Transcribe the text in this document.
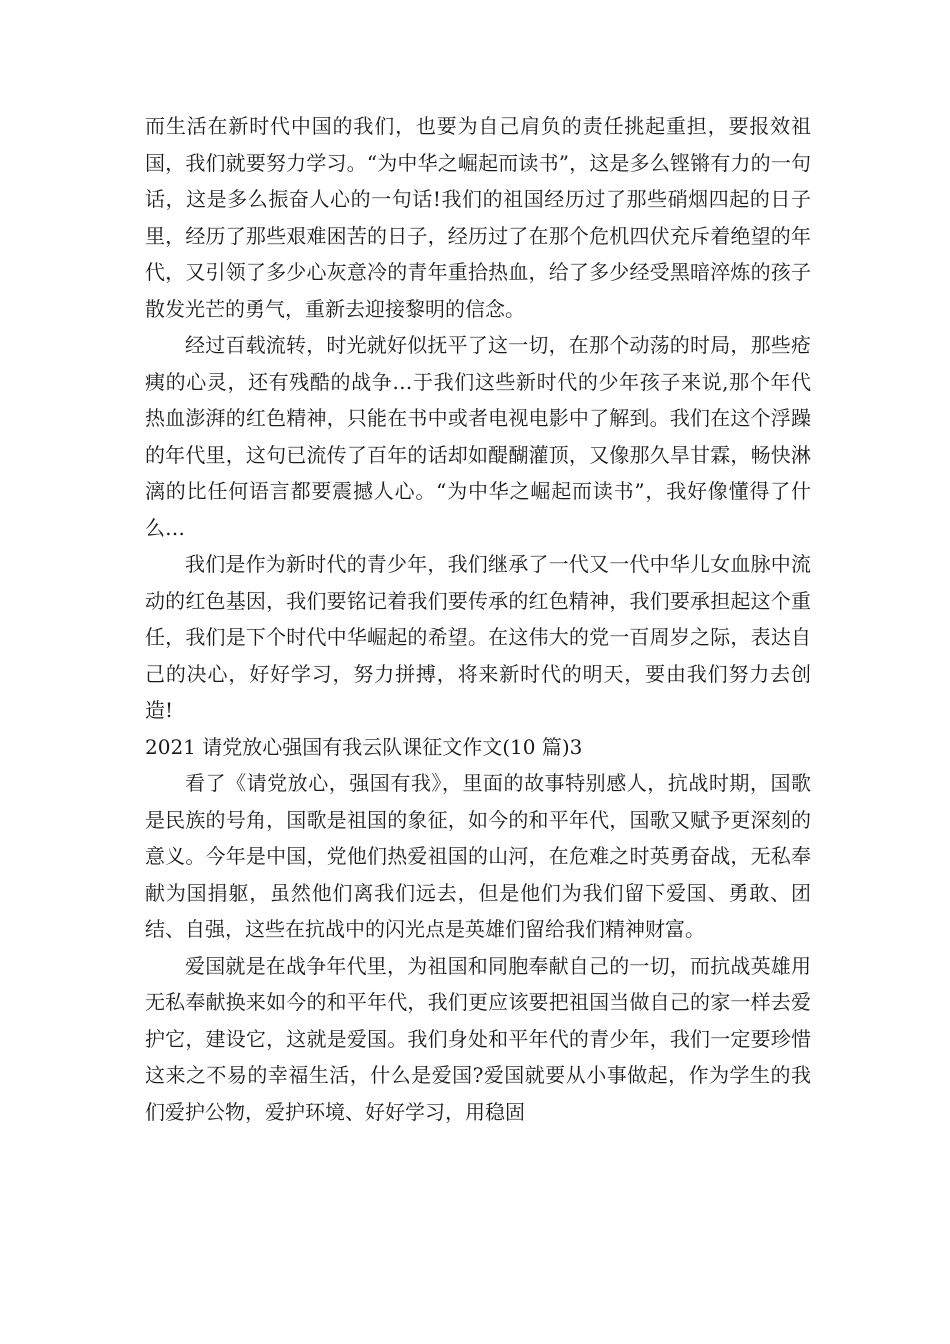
而生活在新时代中国的我们，也要为自己肩负的责任挑起重担，要报效祖国，我们就要努力学习。“为中华之崛起而读书”，这是多么铿锵有力的一句话，这是多么振奋人心的一句话!我们的祖国经历过了那些硝烟四起的日子里，经历了那些艰难困苦的日子，经历过了在那个危机四伏充斥着绝望的年代，又引领了多少心灰意冷的青年重拾热血，给了多少经受黑暗淬炼的孩子散发光芒的勇气，重新去迎接黎明的信念。

经过百载流转，时光就好似抚平了这一切，在那个动荡的时局，那些疮痍的心灵，还有残酷的战争…于我们这些新时代的少年孩子来说,那个年代热血澎湃的红色精神，只能在书中或者电视电影中了解到。我们在这个浮躁的年代里，这句已流传了百年的话却如醍醐灌顶，又像那久旱甘霖，畅快淋漓的比任何语言都要震撼人心。“为中华之崛起而读书”，我好像懂得了什么…

我们是作为新时代的青少年，我们继承了一代又一代中华儿女血脉中流动的红色基因，我们要铭记着我们要传承的红色精神，我们要承担起这个重任，我们是下个时代中华崛起的希望。在这伟大的党一百周岁之际，表达自己的决心，好好学习，努力拼搏，将来新时代的明天，要由我们努力去创造!

2021 请党放心强国有我云队课征文作文(10 篇)3

看了《请党放心，强国有我》，里面的故事特别感人，抗战时期，国歌是民族的号角，国歌是祖国的象征，如今的和平年代，国歌又赋予更深刻的意义。今年是中国，党他们热爱祖国的山河，在危难之时英勇奋战，无私奉献为国捐躯，虽然他们离我们远去，但是他们为我们留下爱国、勇敢、团结、自强，这些在抗战中的闪光点是英雄们留给我们精神财富。

爱国就是在战争年代里，为祖国和同胞奉献自己的一切，而抗战英雄用无私奉献换来如今的和平年代，我们更应该要把祖国当做自己的家一样去爱护它，建设它，这就是爱国。我们身处和平年代的青少年，我们一定要珍惜这来之不易的幸福生活，什么是爱国?爱国就要从小事做起，作为学生的我们爱护公物，爱护环境、好好学习，用稳固
